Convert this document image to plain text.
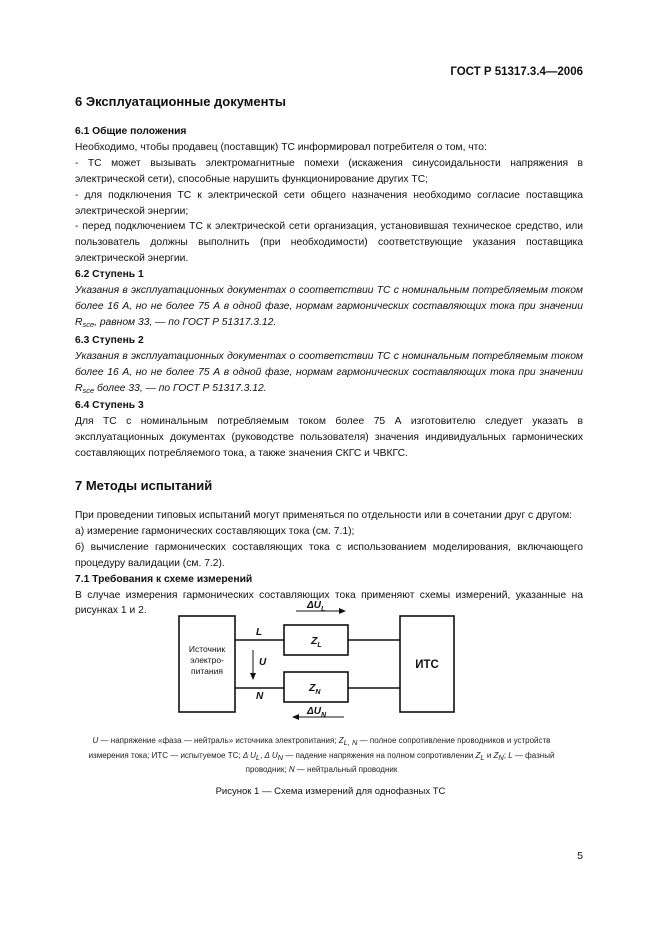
ГОСТ Р 51317.3.4—2006
6 Эксплуатационные документы
6.1 Общие положения

Необходимо, чтобы продавец (поставщик) ТС информировал потребителя о том, что:

- ТС может вызывать электромагнитные помехи (искажения синусоидальности напряжения в электрической сети), способные нарушить функционирование других ТС;

- для подключения ТС к электрической сети общего назначения необходимо согласие поставщика электрической энергии;

- перед подключением ТС к электрической сети организация, установившая техническое средство, или пользователь должны выполнить (при необходимости) соответствующие указания поставщика электрической энергии.

6.2 Ступень 1

Указания в эксплуатационных документах о соответствии ТС с номинальным потребляемым током более 16 А, но не более 75 А в одной фазе, нормам гармонических составляющих тока при значении $R_{sce}$, равном 33, — по ГОСТ Р 51317.3.12.

6.3 Ступень 2

Указания в эксплуатационных документах о соответствии ТС с номинальным потребляемым током более 16 А, но не более 75 А в одной фазе, нормам гармонических составляющих тока при значении $R_{sce}$ более 33, — по ГОСТ Р 51317.3.12.

6.4 Ступень 3

Для ТС с номинальным потребляемым током более 75 А изготовителю следует указать в эксплуатационных документах (руководстве пользователя) значения индивидуальных гармонических составляющих потребляемого тока, а также значения СКГС и ЧВКГС.

7 Методы испытаний

При проведении типовых испытаний могут применяться по отдельности или в сочетании друг с другом:

а) измерение гармонических составляющих тока (см. 7.1);

б) вычисление гармонических составляющих тока с использованием моделирования, включающего процедуру валидации (см. 7.2).

7.1 Требования к схеме измерений

В случае измерения гармонических составляющих тока применяют схемы измерений, указанные на рисунках 1 и 2.

Источник
электро-
питания	ИТС
$Z_L$
$Z_N$
L
N
U
$\Delta U_L$
$\Delta U_N$
U — напряжение «фаза — нейтраль» источника электропитания; ZL, N — полное сопротивление проводников и устройств
измерения тока; ИТС — испытуемое ТС; Δ UL, Δ UN — падение напряжения на полном сопротивлении ZL и ZN; L — фазный
проводник; N — нейтральный проводник
Рисунок 1 — Схема измерений для однофазных ТС
5
